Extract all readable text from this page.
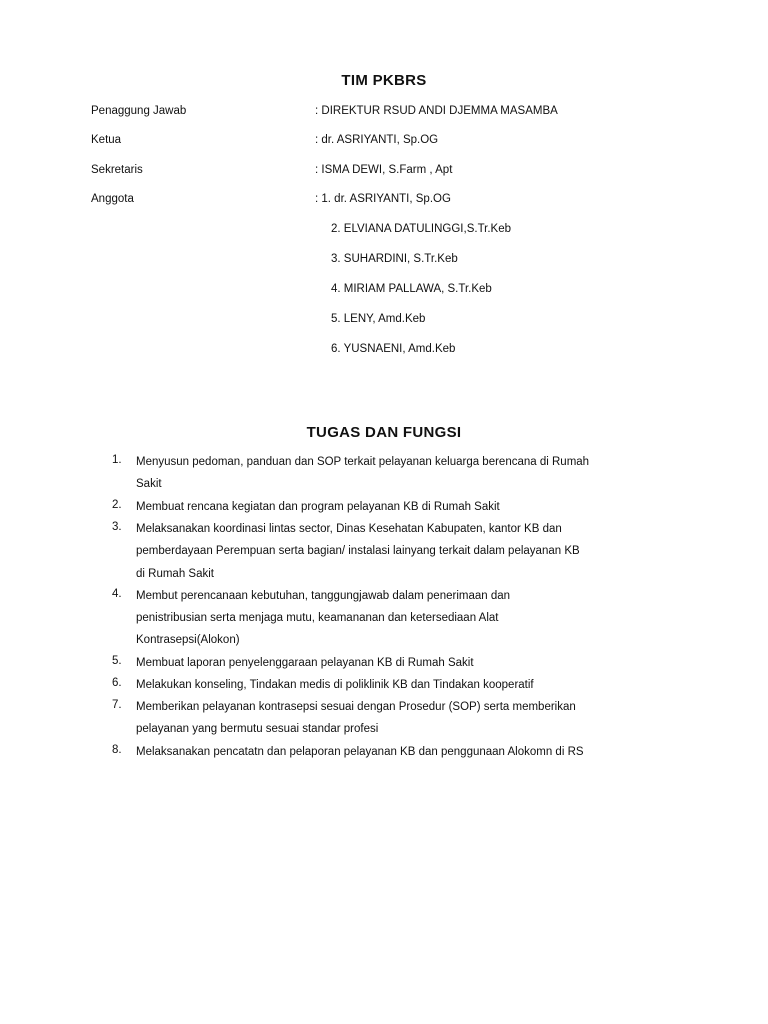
TIM PKBRS
Penaggung Jawab	: DIREKTUR RSUD ANDI DJEMMA MASAMBA
Ketua	: dr. ASRIYANTI, Sp.OG
Sekretaris	: ISMA DEWI, S.Farm , Apt
Anggota	: 1. dr. ASRIYANTI, Sp.OG
2. ELVIANA DATULINGGI,S.Tr.Keb
3. SUHARDINI, S.Tr.Keb
4. MIRIAM PALLAWA, S.Tr.Keb
5. LENY, Amd.Keb
6. YUSNAENI, Amd.Keb
TUGAS DAN FUNGSI
1.	Menyusun pedoman, panduan dan SOP terkait pelayanan keluarga berencana di Rumah
Sakit
2.	Membuat rencana kegiatan dan program pelayanan KB di Rumah Sakit
3.	Melaksanakan koordinasi lintas sector, Dinas Kesehatan Kabupaten, kantor KB dan
pemberdayaan Perempuan serta bagian/ instalasi lainyang terkait dalam pelayanan KB
di Rumah Sakit
4.	Membut perencanaan kebutuhan, tanggungjawab dalam penerimaan dan
penistribusian serta menjaga mutu, keamananan dan ketersediaan Alat
Kontrasepsi(Alokon)
5.	Membuat laporan penyelenggaraan pelayanan KB di Rumah Sakit
6.	Melakukan konseling, Tindakan medis di poliklinik KB dan Tindakan kooperatif
7.	Memberikan pelayanan kontrasepsi sesuai dengan Prosedur (SOP) serta memberikan
pelayanan yang bermutu sesuai standar profesi
8.	Melaksanakan pencatatn dan pelaporan pelayanan KB dan penggunaan Alokomn di RS
